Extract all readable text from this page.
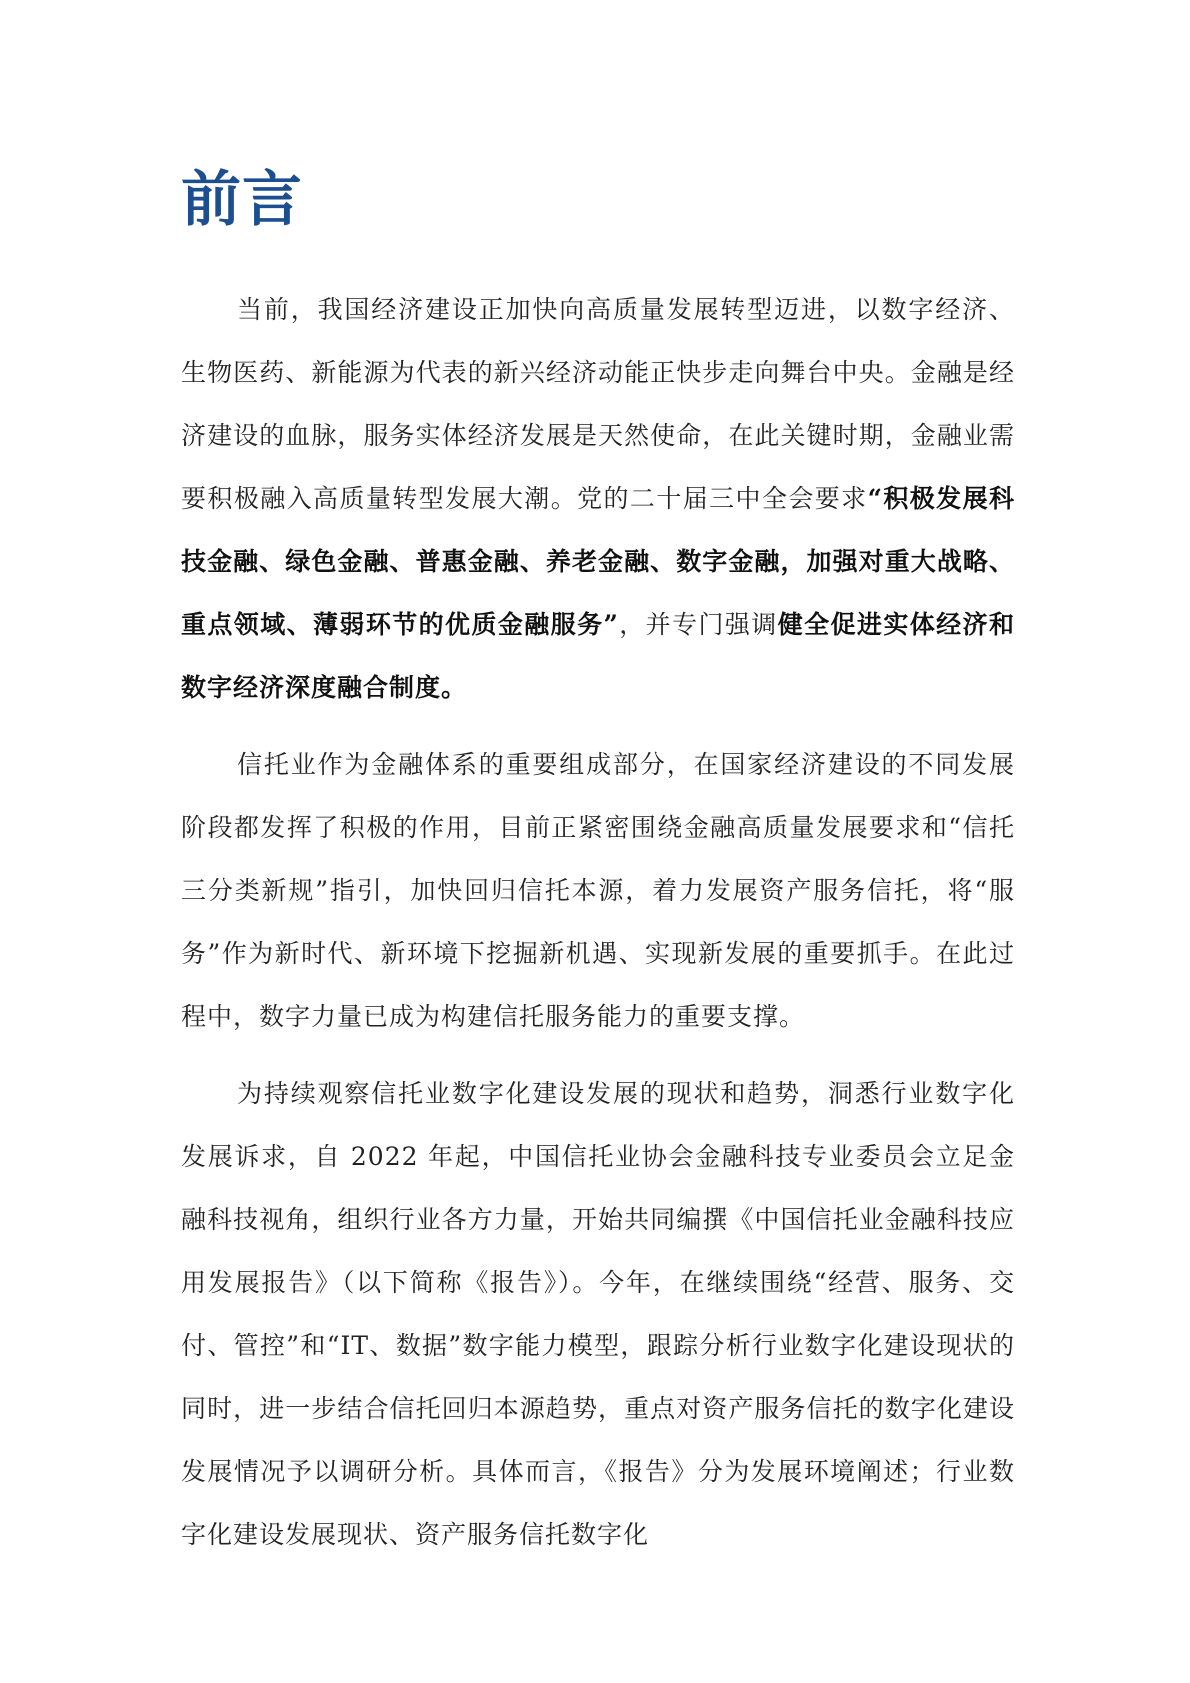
前言

当前，我国经济建设正加快向高质量发展转型迈进，以数字经济、生物医药、新能源为代表的新兴经济动能正快步走向舞台中央。金融是经济建设的血脉，服务实体经济发展是天然使命，在此关键时期，金融业需要积极融入高质量转型发展大潮。党的二十届三中全会要求“积极发展科技金融、绿色金融、普惠金融、养老金融、数字金融，加强对重大战略、重点领域、薄弱环节的优质金融服务”，并专门强调健全促进实体经济和数字经济深度融合制度。

信托业作为金融体系的重要组成部分，在国家经济建设的不同发展阶段都发挥了积极的作用，目前正紧密围绕金融高质量发展要求和“信托三分类新规”指引，加快回归信托本源，着力发展资产服务信托，将“服务”作为新时代、新环境下挖掘新机遇、实现新发展的重要抓手。在此过程中，数字力量已成为构建信托服务能力的重要支撑。

为持续观察信托业数字化建设发展的现状和趋势，洞悉行业数字化发展诉求，自 2022 年起，中国信托业协会金融科技专业委员会立足金融科技视角，组织行业各方力量，开始共同编撰《中国信托业金融科技应用发展报告》（以下简称《报告》）。今年，在继续围绕“经营、服务、交付、管控”和“IT、数据”数字能力模型，跟踪分析行业数字化建设现状的同时，进一步结合信托回归本源趋势，重点对资产服务信托的数字化建设发展情况予以调研分析。具体而言，《报告》分为发展环境阐述；行业数字化建设发展现状、资产服务信托数字化
